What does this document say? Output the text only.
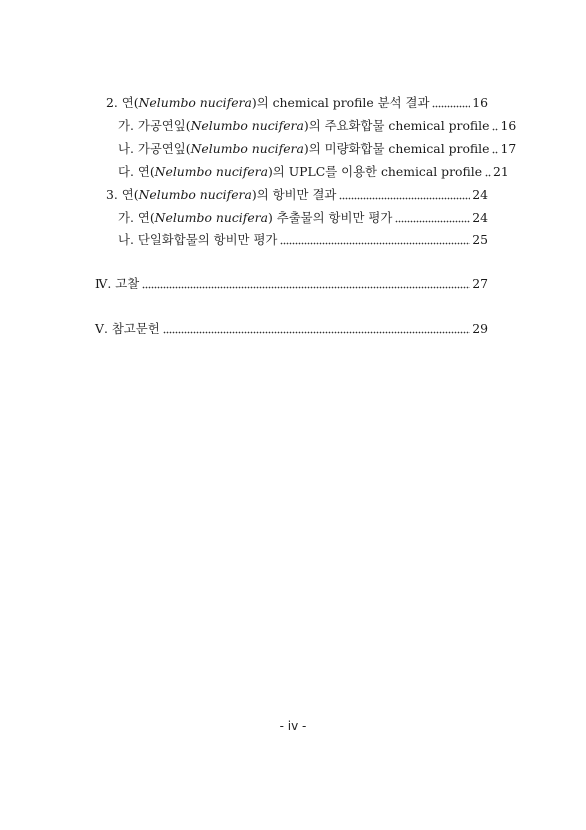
2. 연(Nelumbo nucifera)의 chemical profile 분석 결과	16
가. 가공연잎(Nelumbo nucifera)의 주요화합물 chemical profile 16
나. 가공연잎(Nelumbo nucifera)의 미량화합물 chemical profile 17
다. 연(Nelumbo nucifera)의 UPLC를 이용한 chemical profile 21
3. 연(Nelumbo nucifera)의 항비만 결과	24
가. 연(Nelumbo nucifera) 추출물의 항비만 평가	24
나. 단일화합물의 항비만 평가	25
Ⅳ. 고찰	27
Ⅴ. 참고문헌	29
- iv -
